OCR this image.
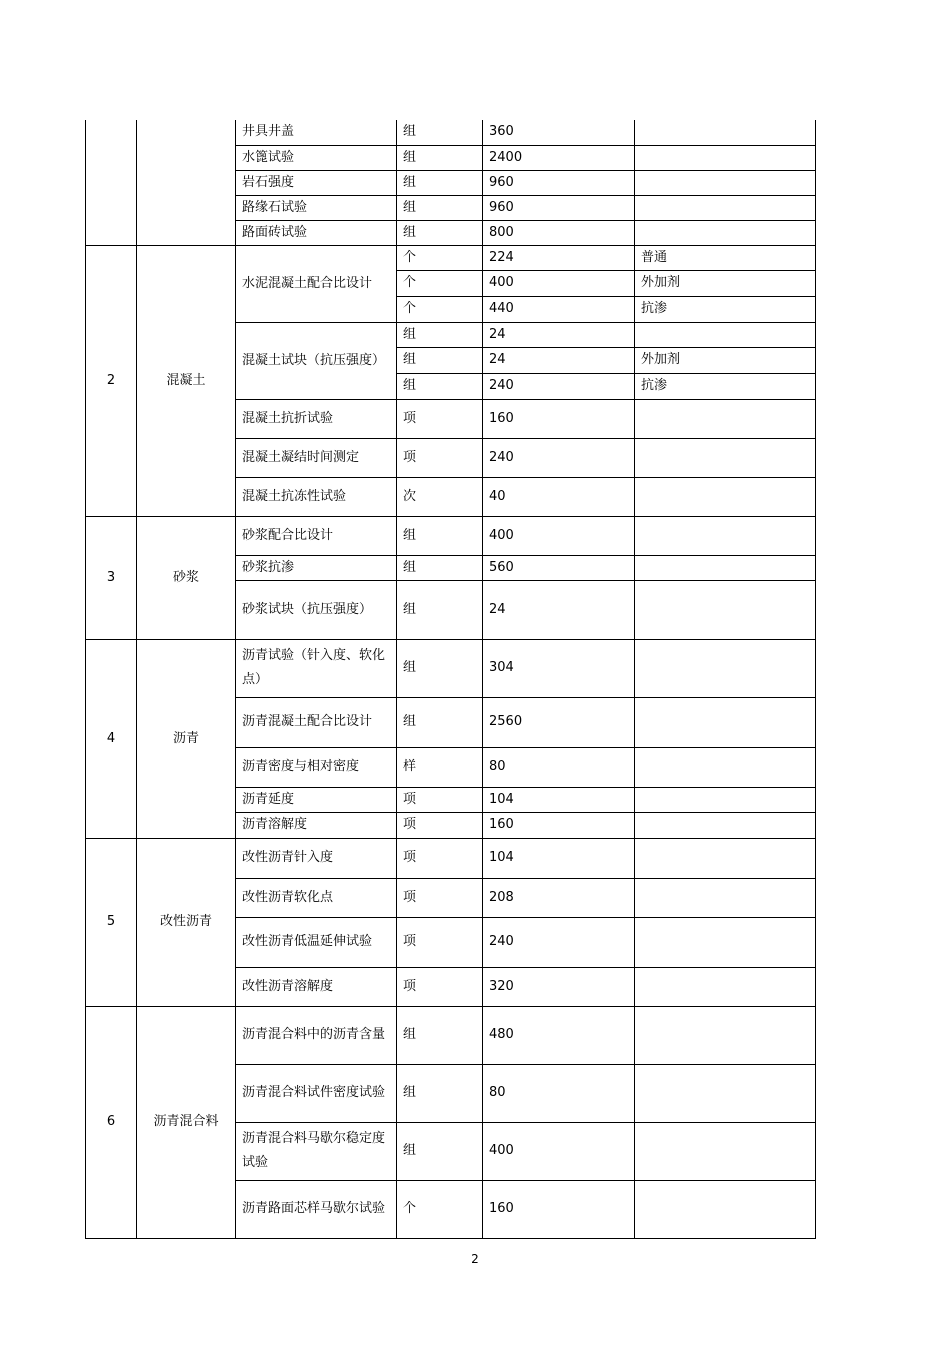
		井具井盖	组	360	
		水篦试验	组	2400	
		岩石强度	组	960	
		路缘石试验	组	960	
		路面砖试验	组	800	
2	混凝土	水泥混凝土配合比设计	个	224	普通
			个	400	外加剂
			个	440	抗渗
		混凝土试块（抗压强度）	组	24	
			组	24	外加剂
			组	240	抗渗
		混凝土抗折试验	项	160	
		混凝土凝结时间测定	项	240	
		混凝土抗冻性试验	次	40	
3	砂浆	砂浆配合比设计	组	400	
		砂浆抗渗	组	560	
		砂浆试块（抗压强度）	组	24	
4	沥青	沥青试验（针入度、软化点）	组	304	
		沥青混凝土配合比设计	组	2560	
		沥青密度与相对密度	样	80	
		沥青延度	项	104	
		沥青溶解度	项	160	
5	改性沥青	改性沥青针入度	项	104	
		改性沥青软化点	项	208	
		改性沥青低温延伸试验	项	240	
		改性沥青溶解度	项	320	
6	沥青混合料	沥青混合料中的沥青含量	组	480	
		沥青混合料试件密度试验	组	80	
		沥青混合料马歇尔稳定度试验	组	400	
		沥青路面芯样马歇尔试验	个	160	
2
